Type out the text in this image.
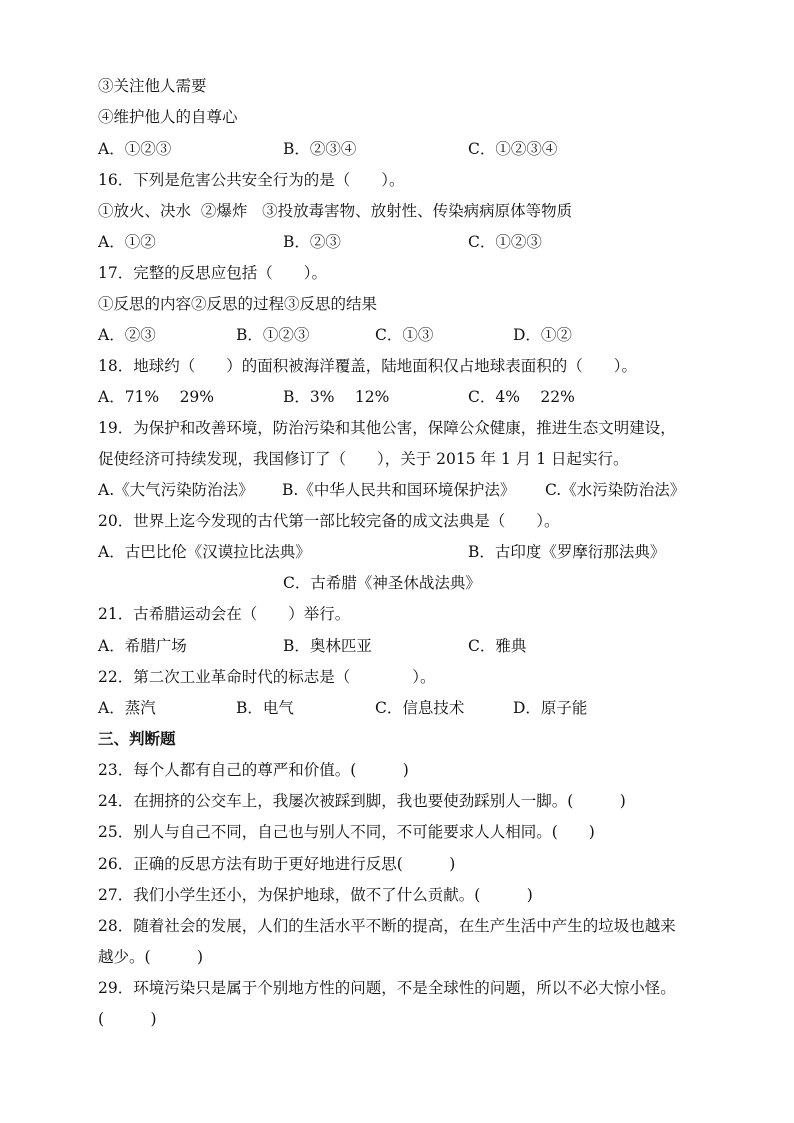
③关注他人需要
④维护他人的自尊心
A．①②③	B．②③④	C．①②③④
16．下列是危害公共安全行为的是（　　）。
①放火、决水  ②爆炸   ③投放毒害物、放射性、传染病病原体等物质
A．①②	B．②③	C．①②③
17．完整的反思应包括（　　）。
①反思的内容②反思的过程③反思的结果
A．②③	B．①②③	C．①③	D．①②
18．地球约（　　）的面积被海洋覆盖，陆地面积仅占地球表面积的（　　）。
A．71%　 29%	B．3%　 12%	C．4%　 22%
19．为保护和改善环境，防治污染和其他公害，保障公众健康，推进生态文明建设，
促使经济可持续发现，我国修订了（　　），关于 2015 年 1 月 1 日起实行。
A.《大气污染防治法》 B.《中华人民共和国环境保护法》 C.《水污染防治法》
20．世界上迄今发现的古代第一部比较完备的成文法典是（　　）。
A．古巴比伦《汉谟拉比法典》	B．古印度《罗摩衍那法典》
C．古希腊《神圣休战法典》
21．古希腊运动会在（　　）举行。
A．希腊广场	B．奥林匹亚	C．雅典
22．第二次工业革命时代的标志是（　　　　）。
A．蒸汽	B．电气	C．信息技术	D．原子能
三、判断题
23．每个人都有自己的尊严和价值。(　　　)
24．在拥挤的公交车上，我屡次被踩到脚，我也要使劲踩别人一脚。(　　　)
25．别人与自己不同，自己也与别人不同，不可能要求人人相同。(　　)
26．正确的反思方法有助于更好地进行反思(　　　)
27．我们小学生还小，为保护地球，做不了什么贡献。(　　　)
28．随着社会的发展，人们的生活水平不断的提高，在生产生活中产生的垃圾也越来
越少。(　　　)
29．环境污染只是属于个别地方性的问题，不是全球性的问题，所以不必大惊小怪。
(　　　)
